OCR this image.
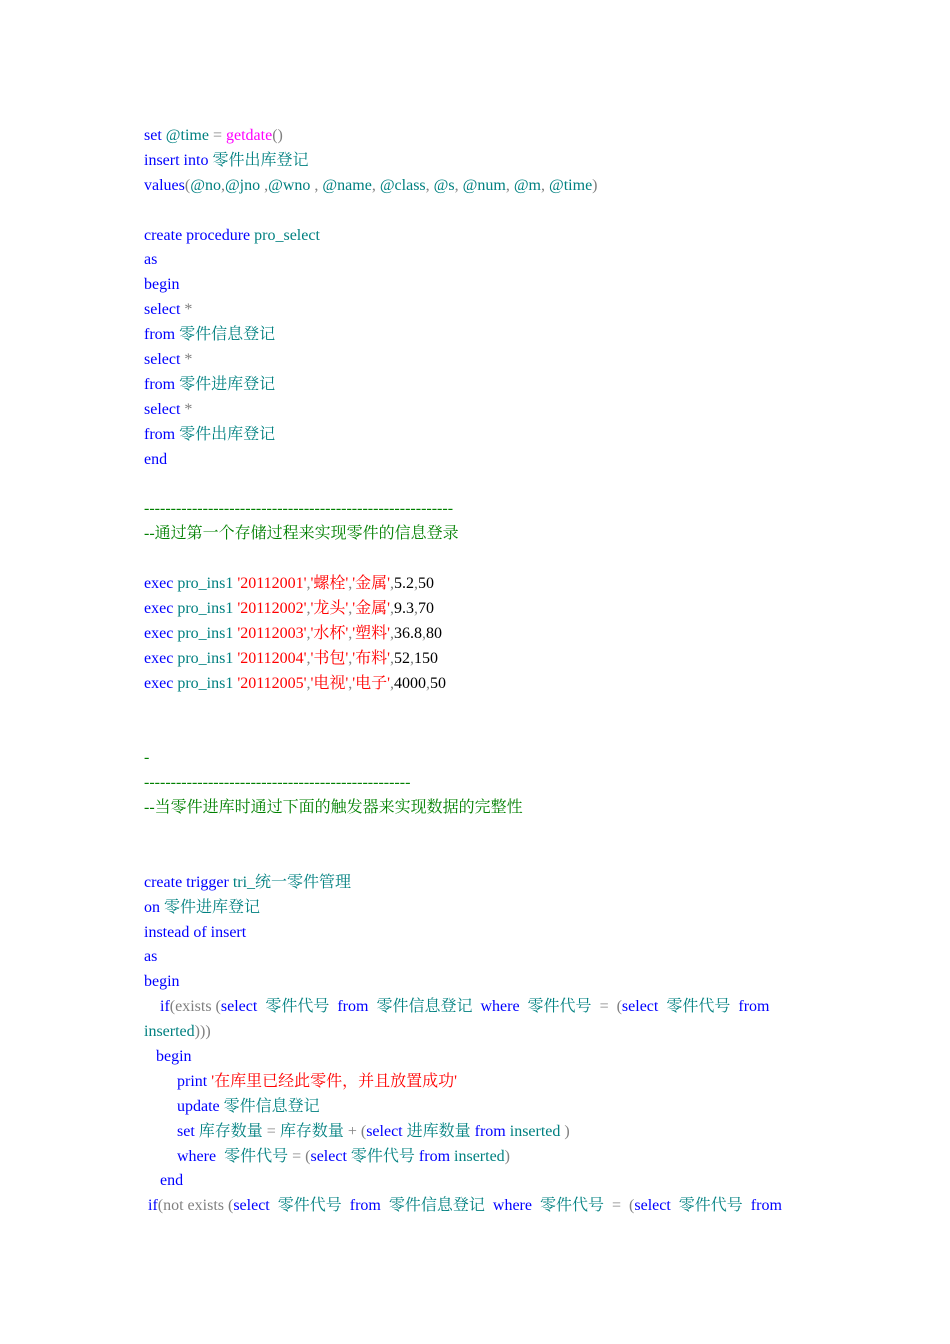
set @time = getdate()
insert into 零件出库登记
values(@no,@jno ,@wno , @name, @class, @s, @num, @m, @time)
create procedure pro_select
as
begin
select *
from 零件信息登记
select *
from 零件进库登记
select *
from 零件出库登记
end
----------------------------------------------------------
--通过第一个存储过程来实现零件的信息登录
exec pro_ins1 '20112001','螺栓','金属',5.2,50
exec pro_ins1 '20112002','龙头','金属',9.3,70
exec pro_ins1 '20112003','水杯','塑料',36.8,80
exec pro_ins1 '20112004','书包','布料',52,150
exec pro_ins1 '20112005','电视','电子',4000,50
-
--------------------------------------------------
--当零件进库时通过下面的触发器来实现数据的完整性
create trigger tri_统一零件管理
on 零件进库登记
instead of insert
as
begin
if(exists (select  零件代号  from  零件信息登记  where  零件代号  =  (select  零件代号  from
inserted)))
begin
print '在库里已经此零件，并且放置成功'
update 零件信息登记
set 库存数量 = 库存数量 + (select 进库数量 from inserted )
where  零件代号 = (select 零件代号 from inserted)
end
if(not exists (select  零件代号  from  零件信息登记  where  零件代号  =  (select  零件代号  from
